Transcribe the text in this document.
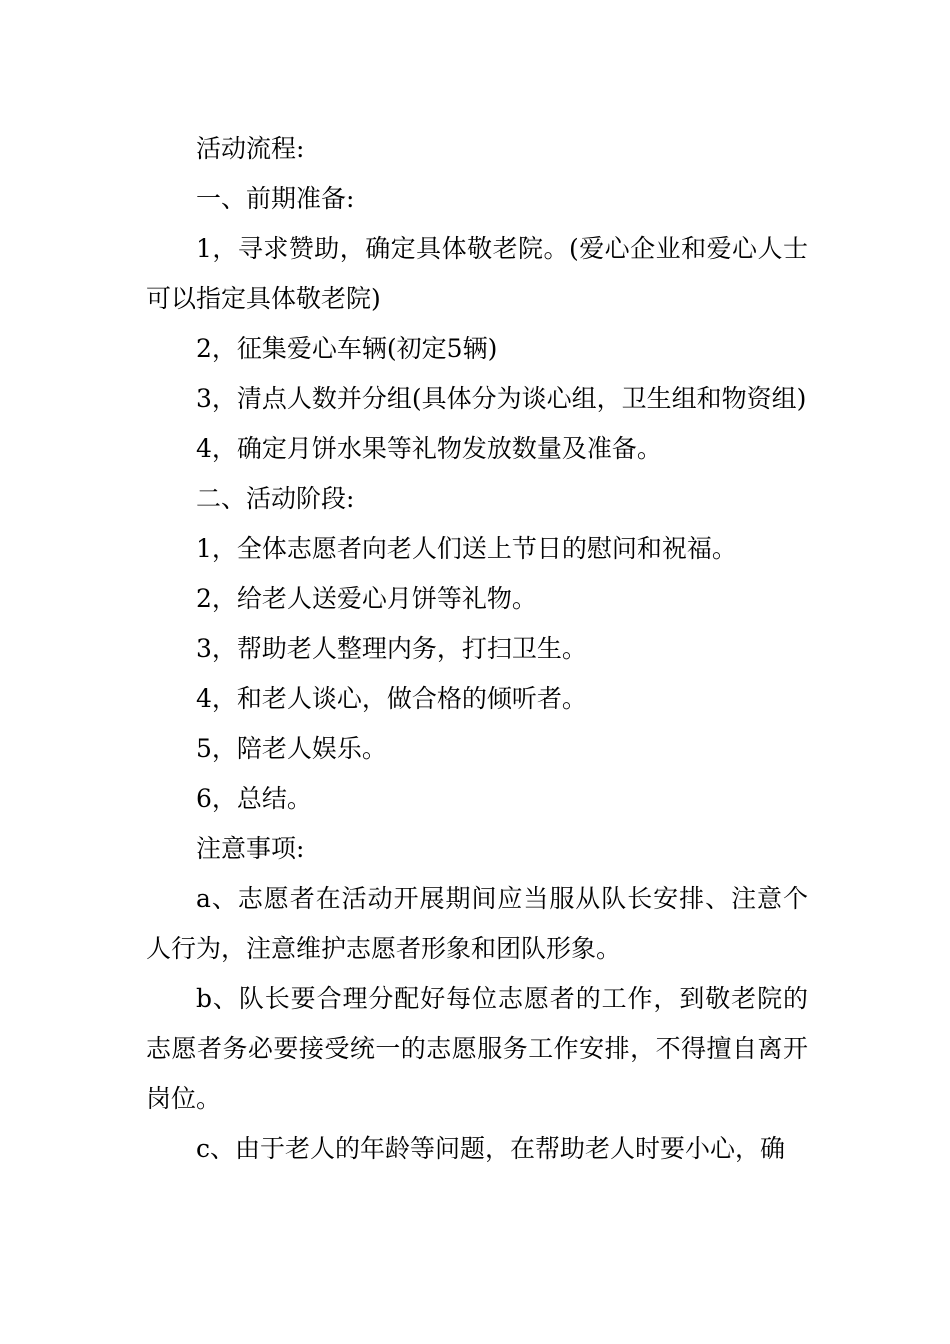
活动流程:

一、前期准备:

1，寻求赞助，确定具体敬老院。(爱心企业和爱心人士可以指定具体敬老院)

2，征集爱心车辆(初定5辆)

3，清点人数并分组(具体分为谈心组，卫生组和物资组)

4，确定月饼水果等礼物发放数量及准备。

二、活动阶段:

1，全体志愿者向老人们送上节日的慰问和祝福。

2，给老人送爱心月饼等礼物。

3，帮助老人整理内务，打扫卫生。

4，和老人谈心，做合格的倾听者。

5，陪老人娱乐。

6，总结。

注意事项:

a、志愿者在活动开展期间应当服从队长安排、注意个人行为，注意维护志愿者形象和团队形象。

b、队长要合理分配好每位志愿者的工作，到敬老院的志愿者务必要接受统一的志愿服务工作安排，不得擅自离开岗位。

c、由于老人的年龄等问题，在帮助老人时要小心，确
